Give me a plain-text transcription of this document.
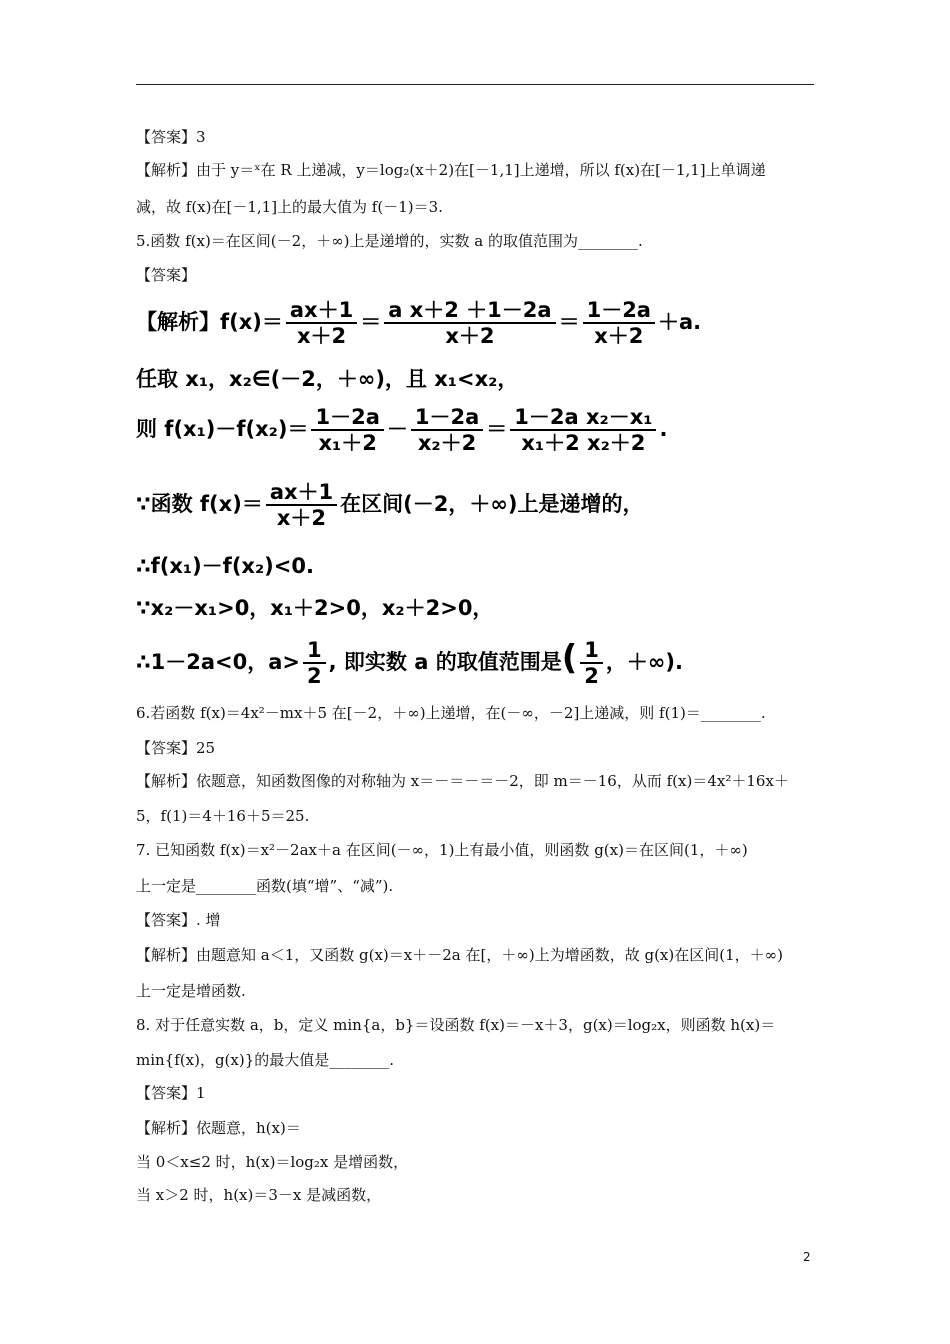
【答案】3
【解析】由于 y＝ˣ在 R 上递减，y＝log₂(x＋2)在[－1,1]上递增，所以 f(x)在[－1,1]上单调递
减，故 f(x)在[－1,1]上的最大值为 f(－1)＝3.
5.函数 f(x)＝在区间(－2，＋∞)上是递增的，实数 a 的取值范围为________.
【答案】
【解析】$f(x)= \frac{ax+1}{x+2} = \frac{\text{a x＋2 ＋1－2a}}{x+2} = \frac{1-2a}{x+2} +a$.
任取 x₁，x₂∈(－2，＋∞)，且 x₁<x₂，
则 $f(x_1)-f(x_2)= \frac{1-2a}{\text{x₁＋2}} - \frac{1-2a}{\text{x₂＋2}} = \frac{\text{1－2a x₂－x₁}}{\text{x₁＋2 x₂＋2}}$ .
∵函数 $f(x)= \frac{ax+1}{x+2}$ 在区间(－2，＋∞)上是递增的，
∴f(x₁)－f(x₂)<0.
∵x₂－x₁>0，x₁＋2>0，x₂＋2>0，
∴1－2a<0，$a> \frac{1}{2}$ , 即实数 a 的取值范围是( $\frac{1}{2}$ ，＋∞).
6.若函数 f(x)＝4x²－mx＋5 在[－2，＋∞)上递增，在(－∞，－2]上递减，则 f(1)＝________.
【答案】25
【解析】依题意，知函数图像的对称轴为 x＝－＝－＝－2，即 m＝－16，从而 f(x)＝4x²＋16x＋
5，f(1)＝4＋16＋5＝25.
7. 已知函数 f(x)＝x²－2ax＋a 在区间(－∞，1)上有最小值，则函数 g(x)＝在区间(1，＋∞)
上一定是________函数(填“增”、“减”).
【答案】. 增
【解析】由题意知 a＜1，又函数 g(x)＝x＋－2a 在[，＋∞)上为增函数，故 g(x)在区间(1，＋∞)
上一定是增函数.
8. 对于任意实数 a，b，定义 min{a，b}＝设函数 f(x)＝－x＋3，g(x)＝log₂x，则函数 h(x)＝
min{f(x)，g(x)}的最大值是________.
【答案】1
【解析】依题意，h(x)＝
当 0＜x≤2 时，h(x)＝log₂x 是增函数，
当 x＞2 时，h(x)＝3－x 是减函数，
2
